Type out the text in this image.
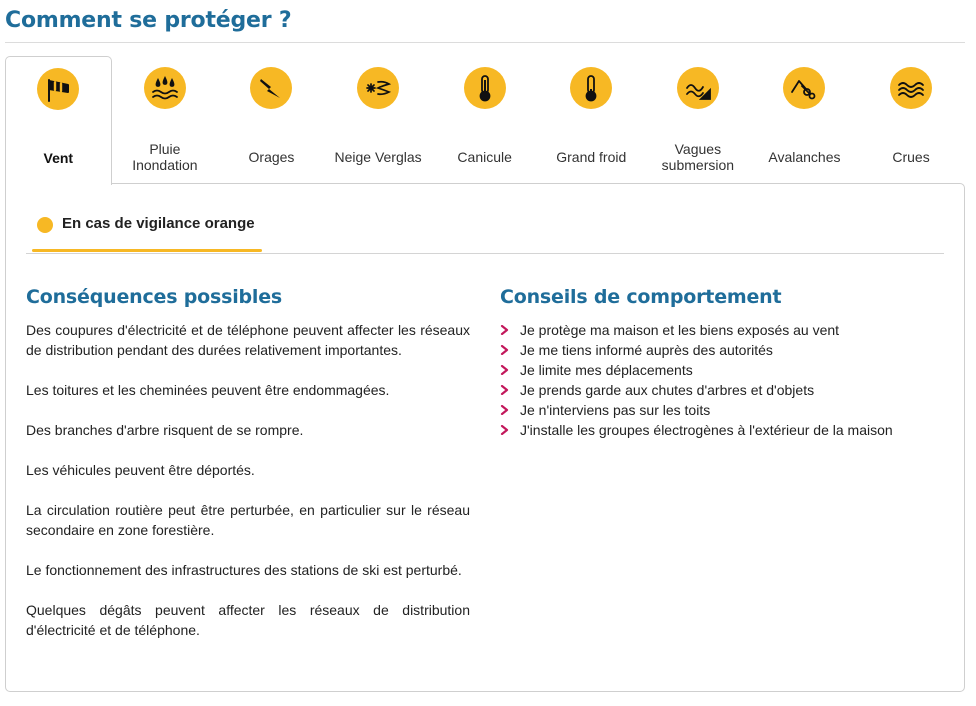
Comment se protéger ?
Vent
Pluie
Inondation	Orages	Neige Verglas	Canicule	Grand froid	Vagues
submersion	Avalanches	Crues
En cas de vigilance orange
Conséquences possibles

Des coupures d'électricité et de téléphone peuvent affecter les réseaux de distribution pendant des durées relativement importantes.

Les toitures et les cheminées peuvent être endommagées.

Des branches d'arbre risquent de se rompre.

Les véhicules peuvent être déportés.

La circulation routière peut être perturbée, en particulier sur le réseau secondaire en zone forestière.

Le fonctionnement des infrastructures des stations de ski est perturbé.

Quelques dégâts peuvent affecter les réseaux de distribution d'électricité et de téléphone.

Conseils de comportement
Je protège ma maison et les biens exposés au vent
Je me tiens informé auprès des autorités
Je limite mes déplacements
Je prends garde aux chutes d'arbres et d'objets
Je n'interviens pas sur les toits
J'installe les groupes électrogènes à l'extérieur de la maison
